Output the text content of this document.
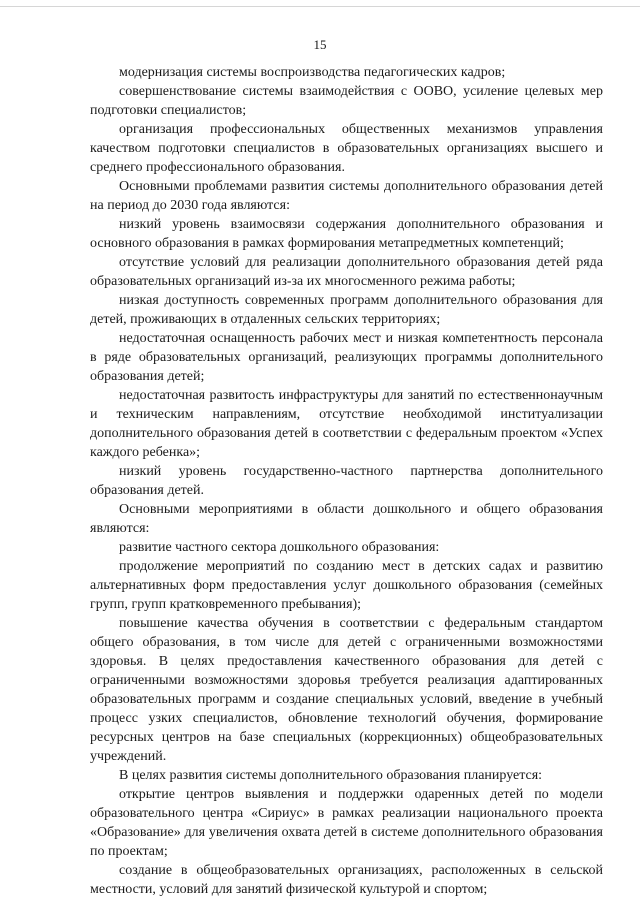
15

модернизация системы воспроизводства педагогических кадров;

совершенствование системы взаимодействия с ООВО, усиление целевых мер подготовки специалистов;

организация профессиональных общественных механизмов управления качеством подготовки специалистов в образовательных организациях высшего и среднего профессионального образования.

Основными проблемами развития системы дополнительного образования детей на период до 2030 года являются:

низкий уровень взаимосвязи содержания дополнительного образования и основного образования в рамках формирования метапредметных компетенций;

отсутствие условий для реализации дополнительного образования детей ряда образовательных организаций из-за их многосменного режима работы;

низкая доступность современных программ дополнительного образования для детей, проживающих в отдаленных сельских территориях;

недостаточная оснащенность рабочих мест и низкая компетентность персонала в ряде образовательных организаций, реализующих программы дополнительного образования детей;

недостаточная развитость инфраструктуры для занятий по естественнонаучным и техническим направлениям, отсутствие необходимой институализации дополнительного образования детей в соответствии с федеральным проектом «Успех каждого ребенка»;

низкий уровень государственно-частного партнерства дополнительного образования детей.

Основными мероприятиями в области дошкольного и общего образования являются:

развитие частного сектора дошкольного образования:

продолжение мероприятий по созданию мест в детских садах и развитию альтернативных форм предоставления услуг дошкольного образования (семейных групп, групп кратковременного пребывания);

повышение качества обучения в соответствии с федеральным стандартом общего образования, в том числе для детей с ограниченными возможностями здоровья. В целях предоставления качественного образования для детей с ограниченными возможностями здоровья требуется реализация адаптированных образовательных программ и создание специальных условий, введение в учебный процесс узких специалистов, обновление технологий обучения, формирование ресурсных центров на базе специальных (коррекционных) общеобразовательных учреждений.

В целях развития системы дополнительного образования планируется:

открытие центров выявления и поддержки одаренных детей по модели образовательного центра «Сириус» в рамках реализации национального проекта «Образование» для увеличения охвата детей в системе дополнительного образования по проектам;

создание в общеобразовательных организациях, расположенных в сельской местности, условий для занятий физической культурой и спортом;
